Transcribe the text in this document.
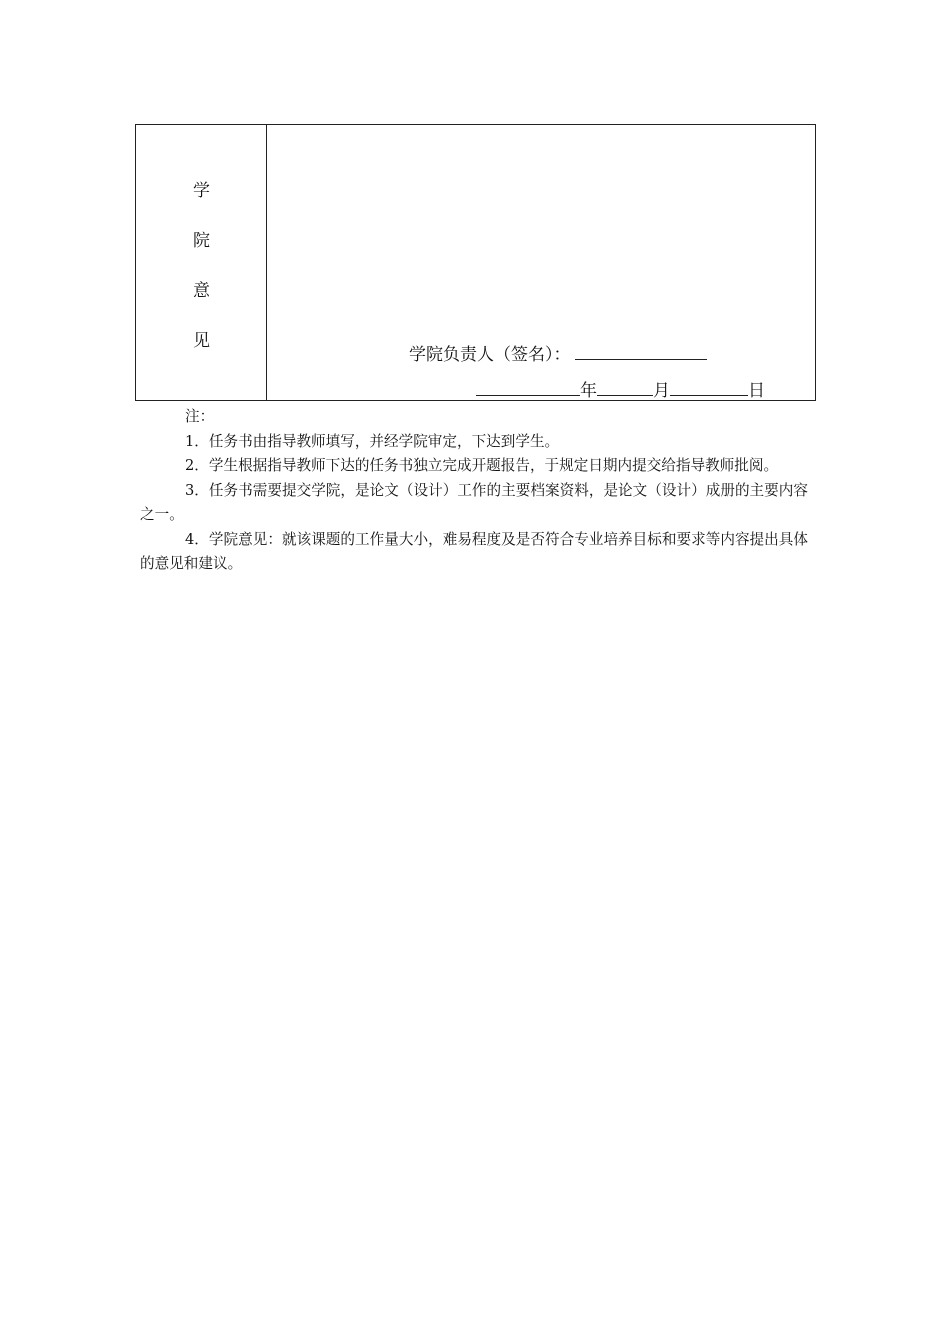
学
院
意
见
学院负责人（签名）：
年	月	日

注：

1．任务书由指导教师填写，并经学院审定，下达到学生。

2．学生根据指导教师下达的任务书独立完成开题报告，于规定日期内提交给指导教师批阅。

3．任务书需要提交学院，是论文（设计）工作的主要档案资料，是论文（设计）成册的主要内容之一。

4．学院意见：就该课题的工作量大小，难易程度及是否符合专业培养目标和要求等内容提出具体的意见和建议。
